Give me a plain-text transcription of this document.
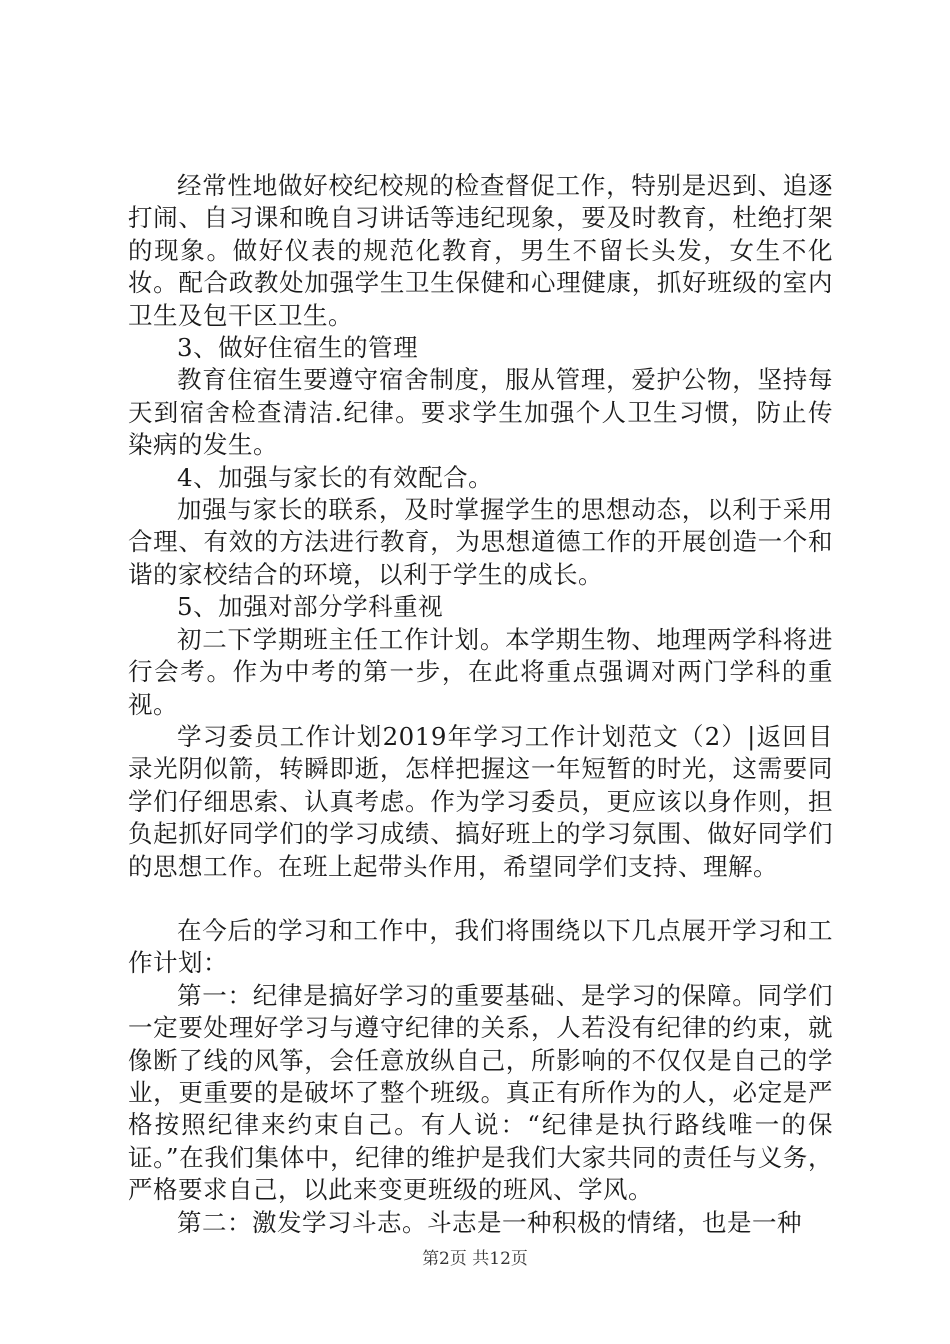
经常性地做好校纪校规的检查督促工作，特别是迟到、追逐打闹、自习课和晚自习讲话等违纪现象，要及时教育，杜绝打架的现象。做好仪表的规范化教育，男生不留长头发，女生不化妆。配合政教处加强学生卫生保健和心理健康，抓好班级的室内卫生及包干区卫生。

3、做好住宿生的管理

教育住宿生要遵守宿舍制度，服从管理，爱护公物，坚持每天到宿舍检查清洁.纪律。要求学生加强个人卫生习惯，防止传染病的发生。

4、加强与家长的有效配合。

加强与家长的联系，及时掌握学生的思想动态，以利于采用合理、有效的方法进行教育，为思想道德工作的开展创造一个和谐的家校结合的环境，以利于学生的成长。

5、加强对部分学科重视

初二下学期班主任工作计划。本学期生物、地理两学科将进行会考。作为中考的第一步，在此将重点强调对两门学科的重视。

学习委员工作计划2019年学习工作计划范文（2）|返回目录光阴似箭，转瞬即逝，怎样把握这一年短暂的时光，这需要同学们仔细思索、认真考虑。作为学习委员，更应该以身作则，担负起抓好同学们的学习成绩、搞好班上的学习氛围、做好同学们的思想工作。在班上起带头作用，希望同学们支持、理解。

在今后的学习和工作中，我们将围绕以下几点展开学习和工作计划：

第一：纪律是搞好学习的重要基础、是学习的保障。同学们一定要处理好学习与遵守纪律的关系，人若没有纪律的约束，就像断了线的风筝，会任意放纵自己，所影响的不仅仅是自己的学业，更重要的是破坏了整个班级。真正有所作为的人，必定是严格按照纪律来约束自己。有人说：“纪律是执行路线唯一的保证。”在我们集体中，纪律的维护是我们大家共同的责任与义务，严格要求自己，以此来变更班级的班风、学风。

第二：激发学习斗志。斗志是一种积极的情绪，也是一种

第2页 共12页
